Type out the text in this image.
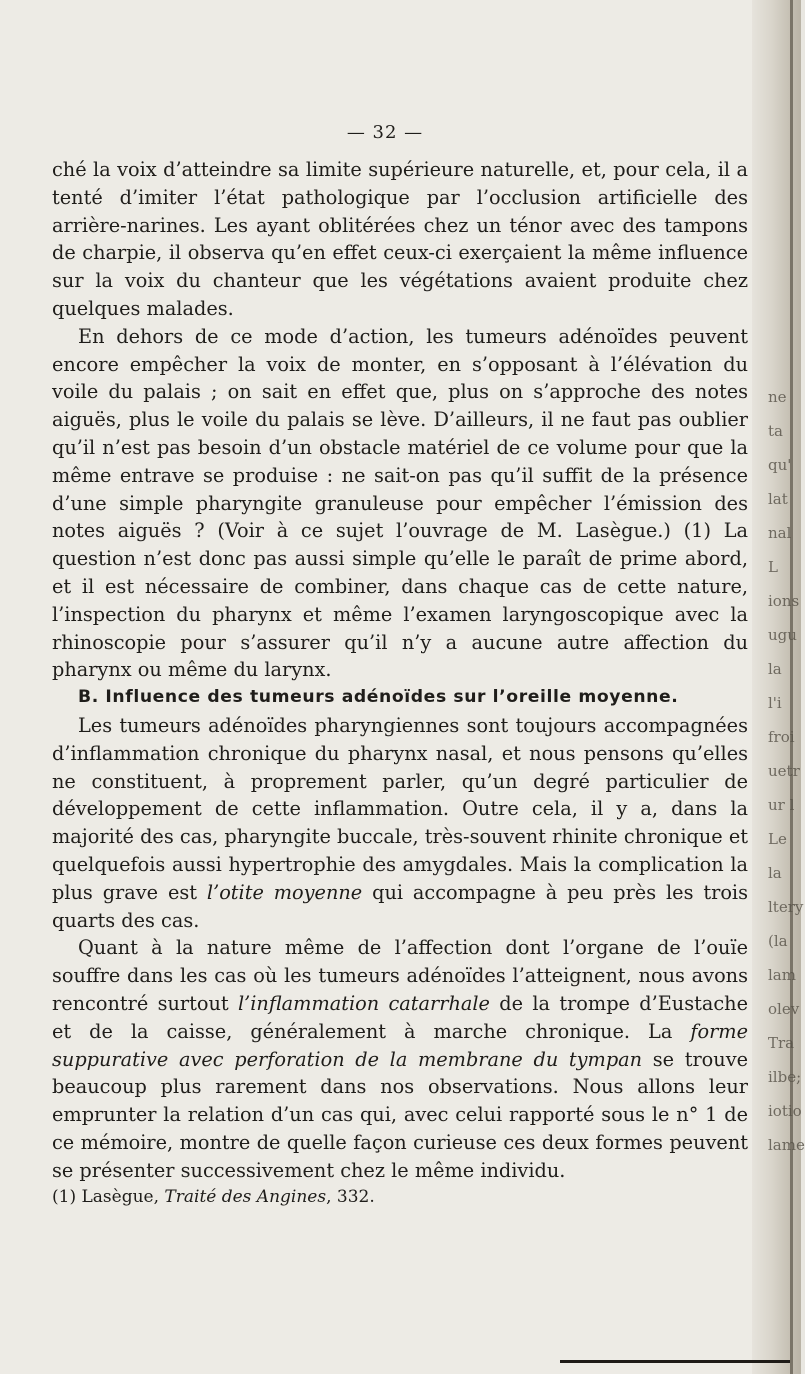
— 32 —

ché la voix d’atteindre sa limite supérieure naturelle, et, pour cela, il a tenté d’imiter l’état pathologique par l’occlusion artificielle des arrière-narines. Les ayant oblitérées chez un ténor avec des tampons de charpie, il observa qu’en effet ceux-ci exerçaient la même influence sur la voix du chanteur que les végétations avaient produite chez quelques malades.

En dehors de ce mode d’action, les tumeurs adénoïdes peuvent encore empêcher la voix de monter, en s’opposant à l’élévation du voile du palais ; on sait en effet que, plus on s’approche des notes aiguës, plus le voile du palais se lève. D’ailleurs, il ne faut pas oublier qu’il n’est pas besoin d’un obstacle matériel de ce volume pour que la même entrave se produise : ne sait-on pas qu’il suffit de la présence d’une simple pharyngite granuleuse pour empêcher l’émission des notes aiguës ? (Voir à ce sujet l’ouvrage de M. Lasègue.) (1) La question n’est donc pas aussi simple qu’elle le paraît de prime abord, et il est nécessaire de combiner, dans chaque cas de cette nature, l’inspection du pharynx et même l’examen laryngoscopique avec la rhinoscopie pour s’assurer qu’il n’y a aucune autre affection du pharynx ou même du larynx.

B. Influence des tumeurs adénoïdes sur l’oreille moyenne.

Les tumeurs adénoïdes pharyngiennes sont toujours accompagnées d’inflammation chronique du pharynx nasal, et nous pensons qu’elles ne constituent, à proprement parler, qu’un degré particulier de développement de cette inflammation. Outre cela, il y a, dans la majorité des cas, pharyngite buccale, très-souvent rhinite chronique et quelquefois aussi hypertrophie des amygdales. Mais la complication la plus grave est l’otite moyenne qui accompagne à peu près les trois quarts des cas.

Quant à la nature même de l’affection dont l’organe de l’ouïe souffre dans les cas où les tumeurs adénoïdes l’atteignent, nous avons rencontré surtout l’inflammation catarrhale de la trompe d’Eustache et de la caisse, généralement à marche chronique. La forme suppurative avec perforation de la membrane du tympan se trouve beaucoup plus rarement dans nos observations. Nous allons leur emprunter la relation d’un cas qui, avec celui rapporté sous le n° 1 de ce mémoire, montre de quelle façon curieuse ces deux formes peuvent se présenter successivement chez le même individu.

(1) Lasègue, Traité des Angines, 332.

ne
ta
qu'
lat
nal
L
ions
ugu
la
l'i
froi
uetr
ur l
Le
la
ltery
(la
lam
olev
Tra
ilbe;
iotio
lame
